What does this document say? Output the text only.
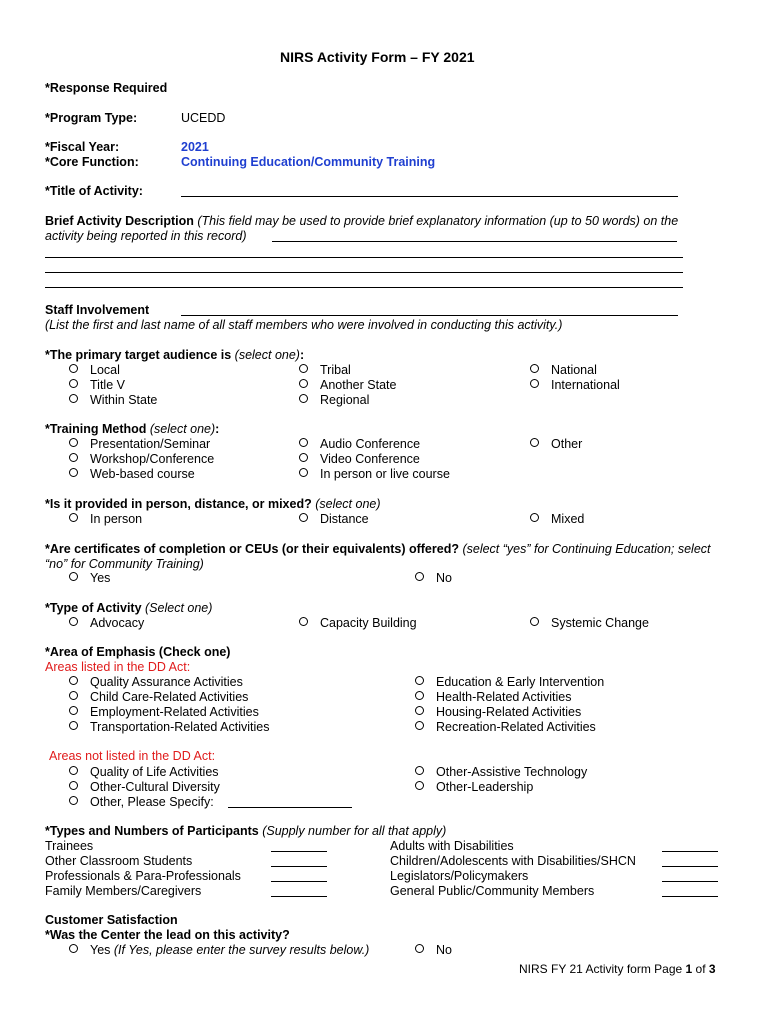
NIRS Activity Form – FY 2021
*Response Required
*Program Type:	UCEDD
*Fiscal Year:	2021
*Core Function:	Continuing Education/Community Training
*Title of Activity:
Brief Activity Description (This field may be used to provide brief explanatory information (up to 50 words) on the
activity being reported in this record)
Staff Involvement
(List the first and last name of all staff members who were involved in conducting this activity.)
*The primary target audience is (select one):
Local
Title V
Within State
Tribal
Another State
Regional
National
International
*Training Method (select one):
Presentation/Seminar
Workshop/Conference
Web-based course
Audio Conference
Video Conference
In person or live course
Other
*Is it provided in person, distance, or mixed? (select one)
In person	Distance	Mixed
*Are certificates of completion or CEUs (or their equivalents) offered? (select “yes” for Continuing Education; select
“no” for Community Training)
Yes	No
*Type of Activity (Select one)
Advocacy	Capacity Building	Systemic Change
*Area of Emphasis (Check one)
Areas listed in the DD Act:
Quality Assurance Activities
Child Care-Related Activities
Employment-Related Activities
Transportation-Related Activities
Education & Early Intervention
Health-Related Activities
Housing-Related Activities
Recreation-Related Activities
Areas not listed in the DD Act:
Quality of Life Activities
Other-Cultural Diversity
Other, Please Specify:
Other-Assistive Technology
Other-Leadership
*Types and Numbers of Participants (Supply number for all that apply)
Trainees
Other Classroom Students
Professionals & Para-Professionals
Family Members/Caregivers
Adults with Disabilities
Children/Adolescents with Disabilities/SHCN
Legislators/Policymakers
General Public/Community Members
Customer Satisfaction
*Was the Center the lead on this activity?
Yes (If Yes, please enter the survey results below.)	No
NIRS FY 21 Activity form Page 1 of 3
